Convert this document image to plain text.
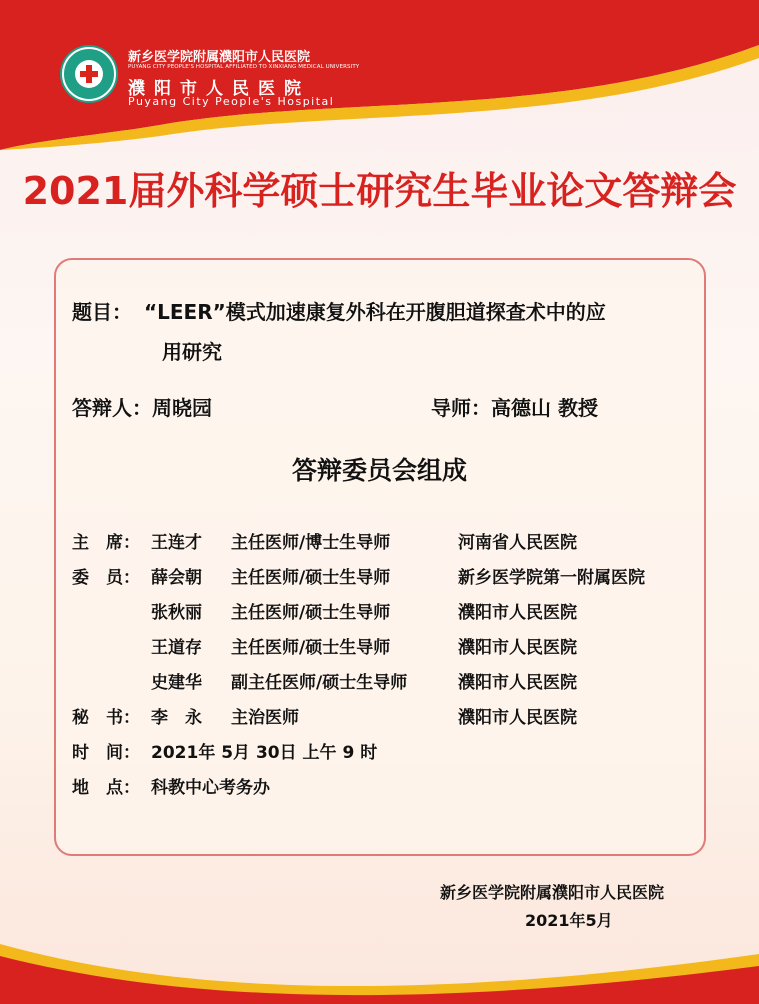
新乡医学院附属濮阳市人民医院
PUYANG CITY PEOPLE'S HOSPITAL AFFILIATED TO XINXIANG MEDICAL UNIVERSITY
濮阳市人民医院
Puyang City People's Hospital
2021届外科学硕士研究生毕业论文答辩会
题目： “LEER”模式加速康复外科在开腹胆道探查术中的应
用研究
答辩人：周晓园	导师：高德山 教授
答辩委员会组成
主　席： 王连才 主任医师/博士生导师	河南省人民医院
委　员： 薛会朝 主任医师/硕士生导师	新乡医学院第一附属医院
张秋丽 主任医师/硕士生导师	濮阳市人民医院
王道存 主任医师/硕士生导师	濮阳市人民医院
史建华 副主任医师/硕士生导师	濮阳市人民医院
秘　书： 李　永 主治医师	濮阳市人民医院
时　间： 2021年 5月 30日 上午 9 时
地　点： 科教中心考务办
新乡医学院附属濮阳市人民医院
2021年5月
